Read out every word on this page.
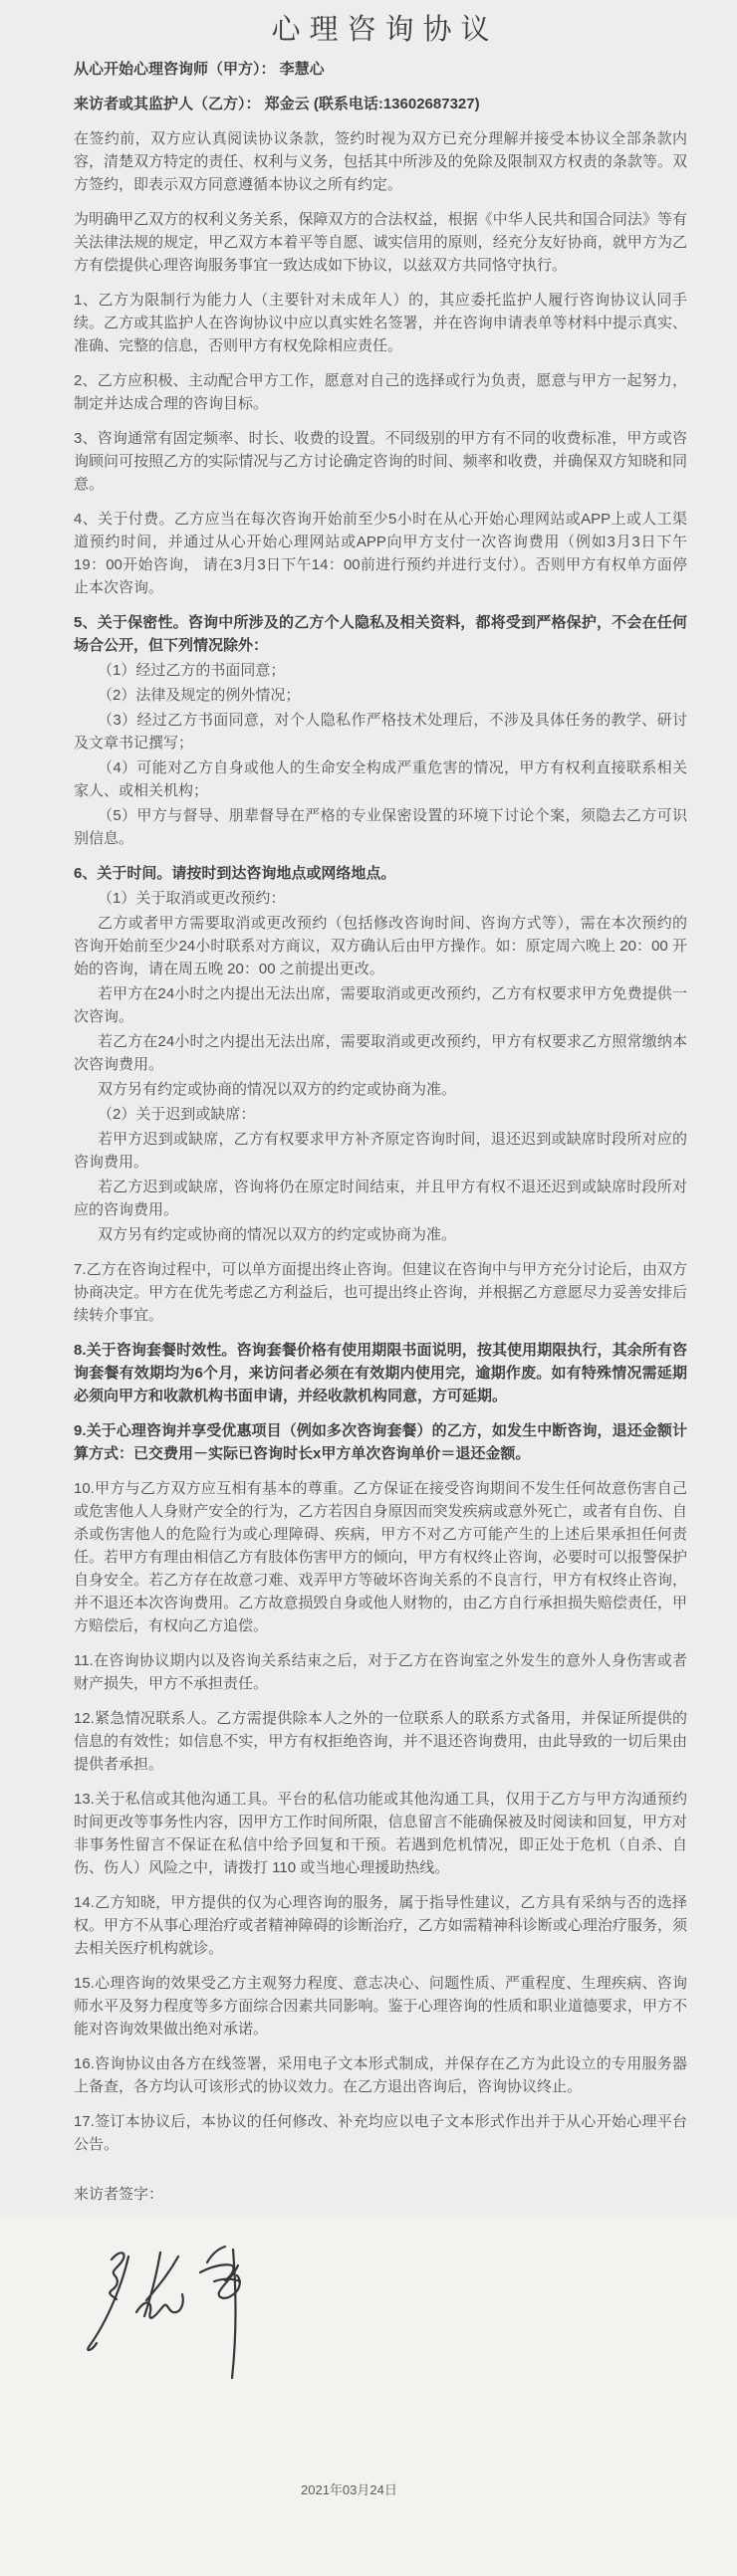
心理咨询协议

从心开始心理咨询师（甲方）： 李慧心

来访者或其监护人（乙方）： 郑金云 (联系电话:13602687327)

在签约前，双方应认真阅读协议条款，签约时视为双方已充分理解并接受本协议全部条款内容，清楚双方特定的责任、权利与义务，包括其中所涉及的免除及限制双方权责的条款等。双方签约，即表示双方同意遵循本协议之所有约定。

为明确甲乙双方的权利义务关系，保障双方的合法权益，根据《中华人民共和国合同法》等有关法律法规的规定，甲乙双方本着平等自愿、诚实信用的原则，经充分友好协商，就甲方为乙方有偿提供心理咨询服务事宜一致达成如下协议，以兹双方共同恪守执行。

1、乙方为限制行为能力人（主要针对未成年人）的，其应委托监护人履行咨询协议认同手续。乙方或其监护人在咨询协议中应以真实姓名签署，并在咨询申请表单等材料中提示真实、准确、完整的信息，否则甲方有权免除相应责任。

2、乙方应积极、主动配合甲方工作，愿意对自己的选择或行为负责，愿意与甲方一起努力，制定并达成合理的咨询目标。

3、咨询通常有固定频率、时长、收费的设置。不同级别的甲方有不同的收费标准，甲方或咨询顾问可按照乙方的实际情况与乙方讨论确定咨询的时间、频率和收费，并确保双方知晓和同意。

4、关于付费。乙方应当在每次咨询开始前至少5小时在从心开始心理网站或APP上或人工渠道预约时间，并通过从心开始心理网站或APP向甲方支付一次咨询费用（例如3月3日下午19：00开始咨询， 请在3月3日下午14：00前进行预约并进行支付）。否则甲方有权单方面停止本次咨询。

5、关于保密性。咨询中所涉及的乙方个人隐私及相关资料，都将受到严格保护，不会在任何场合公开，但下列情况除外：

（1）经过乙方的书面同意；

（2）法律及规定的例外情况；

（3）经过乙方书面同意，对个人隐私作严格技术处理后，不涉及具体任务的教学、研讨及文章书记撰写；

（4）可能对乙方自身或他人的生命安全构成严重危害的情况，甲方有权利直接联系相关家人、或相关机构；

（5）甲方与督导、朋辈督导在严格的专业保密设置的环境下讨论个案，须隐去乙方可识别信息。

6、关于时间。请按时到达咨询地点或网络地点。

（1）关于取消或更改预约：

乙方或者甲方需要取消或更改预约（包括修改咨询时间、咨询方式等），需在本次预约的咨询开始前至少24小时联系对方商议，双方确认后由甲方操作。如：原定周六晚上 20：00 开始的咨询，请在周五晚 20：00 之前提出更改。

若甲方在24小时之内提出无法出席，需要取消或更改预约，乙方有权要求甲方免费提供一次咨询。

若乙方在24小时之内提出无法出席，需要取消或更改预约，甲方有权要求乙方照常缴纳本次咨询费用。

双方另有约定或协商的情况以双方的约定或协商为准。

（2）关于迟到或缺席：

若甲方迟到或缺席，乙方有权要求甲方补齐原定咨询时间，退还迟到或缺席时段所对应的咨询费用。

若乙方迟到或缺席，咨询将仍在原定时间结束，并且甲方有权不退还迟到或缺席时段所对应的咨询费用。

双方另有约定或协商的情况以双方的约定或协商为准。

7.乙方在咨询过程中，可以单方面提出终止咨询。但建议在咨询中与甲方充分讨论后，由双方协商决定。甲方在优先考虑乙方利益后，也可提出终止咨询，并根据乙方意愿尽力妥善安排后续转介事宜。

8.关于咨询套餐时效性。咨询套餐价格有使用期限书面说明，按其使用期限执行，其余所有咨询套餐有效期均为6个月，来访问者必须在有效期内使用完，逾期作废。如有特殊情况需延期必须向甲方和收款机构书面申请，并经收款机构同意，方可延期。

9.关于心理咨询并享受优惠项目（例如多次咨询套餐）的乙方，如发生中断咨询，退还金额计算方式：已交费用－实际已咨询时长x甲方单次咨询单价＝退还金额。

10.甲方与乙方双方应互相有基本的尊重。乙方保证在接受咨询期间不发生任何故意伤害自己或危害他人人身财产安全的行为，乙方若因自身原因而突发疾病或意外死亡，或者有自伤、自杀或伤害他人的危险行为或心理障碍、疾病，甲方不对乙方可能产生的上述后果承担任何责任。若甲方有理由相信乙方有肢体伤害甲方的倾向，甲方有权终止咨询，必要时可以报警保护自身安全。若乙方存在故意刁难、戏弄甲方等破坏咨询关系的不良言行，甲方有权终止咨询，并不退还本次咨询费用。乙方故意损毁自身或他人财物的，由乙方自行承担损失赔偿责任，甲方赔偿后，有权向乙方追偿。

11.在咨询协议期内以及咨询关系结束之后，对于乙方在咨询室之外发生的意外人身伤害或者财产损失，甲方不承担责任。

12.紧急情况联系人。乙方需提供除本人之外的一位联系人的联系方式备用，并保证所提供的信息的有效性；如信息不实，甲方有权拒绝咨询，并不退还咨询费用，由此导致的一切后果由提供者承担。

13.关于私信或其他沟通工具。平台的私信功能或其他沟通工具，仅用于乙方与甲方沟通预约时间更改等事务性内容，因甲方工作时间所限，信息留言不能确保被及时阅读和回复，甲方对非事务性留言不保证在私信中给予回复和干预。若遇到危机情况，即正处于危机（自杀、自伤、伤人）风险之中，请拨打 110 或当地心理援助热线。

14.乙方知晓，甲方提供的仅为心理咨询的服务，属于指导性建议，乙方具有采纳与否的选择权。甲方不从事心理治疗或者精神障碍的诊断治疗，乙方如需精神科诊断或心理治疗服务，须去相关医疗机构就诊。

15.心理咨询的效果受乙方主观努力程度、意志决心、问题性质、严重程度、生理疾病、咨询师水平及努力程度等多方面综合因素共同影响。鉴于心理咨询的性质和职业道德要求，甲方不能对咨询效果做出绝对承诺。

16.咨询协议由各方在线签署，采用电子文本形式制成，并保存在乙方为此设立的专用服务器上备查，各方均认可该形式的协议效力。在乙方退出咨询后，咨询协议终止。

17.签订本协议后，本协议的任何修改、补充均应以电子文本形式作出并于从心开始心理平台公告。

来访者签字：

2021年03月24日
